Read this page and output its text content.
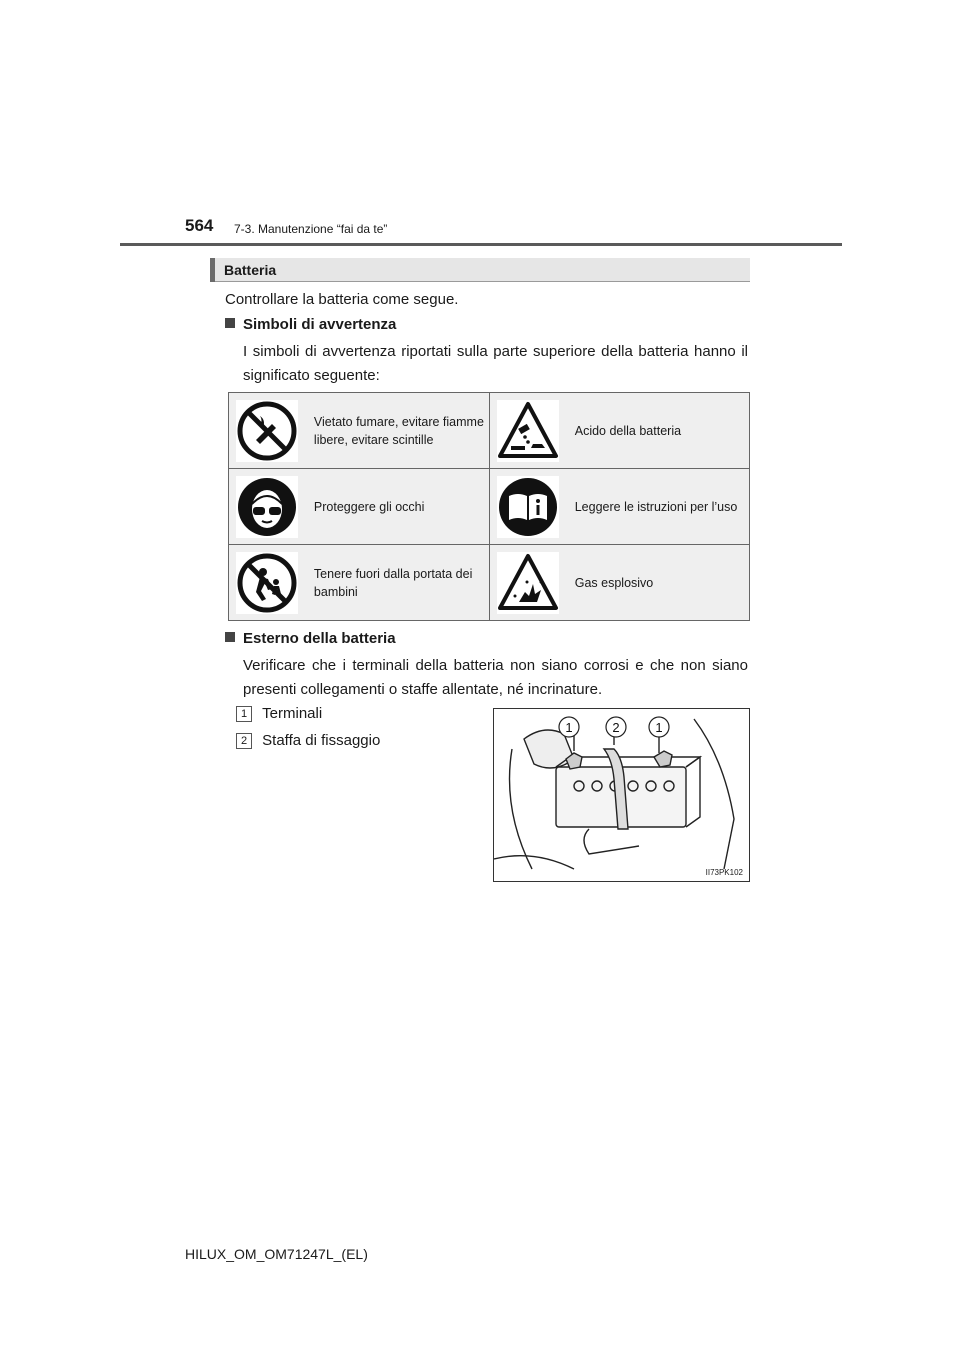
564 7-3. Manutenzione “fai da te”
Batteria
Controllare la batteria come segue.
Simboli di avvertenza
I simboli di avvertenza riportati sulla parte superiore della batteria hanno il
significato seguente:
	Vietato fumare, evitare fiamme libere, evitare scintille		Acido della batteria
	Proteggere gli occhi		Leggere le istruzioni per l’uso
	Tenere fuori dalla portata dei bambini		Gas esplosivo
Esterno della batteria
Verificare che i terminali della batteria non siano corrosi e che non siano
presenti collegamenti o staffe allentate, né incrinature.
1 Terminali
2 Staffa di fissaggio
1	2	1
II73PK102
HILUX_OM_OM71247L_(EL)
